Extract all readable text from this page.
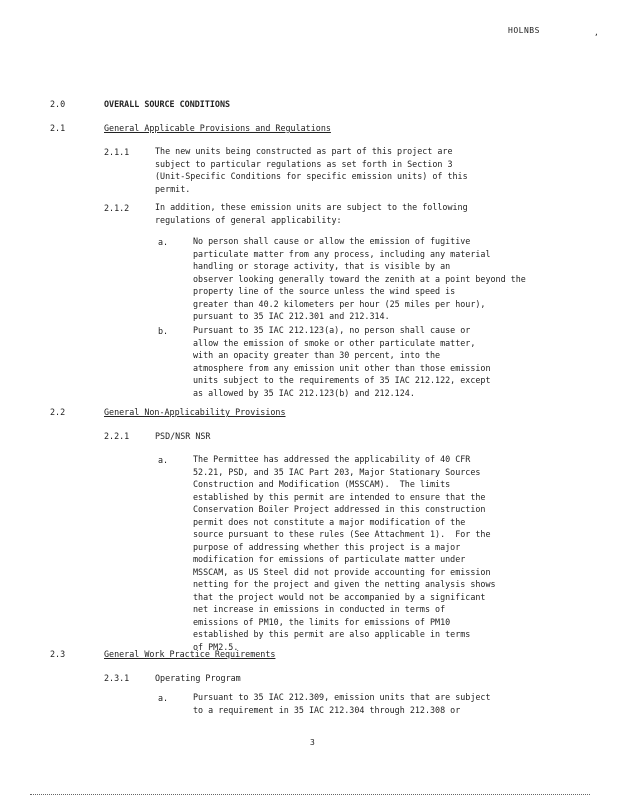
HOLNBS	,
2.0	OVERALL SOURCE CONDITIONS
2.1	General Applicable Provisions and Regulations
2.1.1	The new units being constructed as part of this project are
subject to particular regulations as set forth in Section 3
(Unit-Specific Conditions for specific emission units) of this
permit.
2.1.2	In addition, these emission units are subject to the following
regulations of general applicability:
a.	No person shall cause or allow the emission of fugitive
particulate matter from any process, including any material
handling or storage activity, that is visible by an
observer looking generally toward the zenith at a point beyond the
property line of the source unless the wind speed is
greater than 40.2 kilometers per hour (25 miles per hour),
pursuant to 35 IAC 212.301 and 212.314.
b.	Pursuant to 35 IAC 212.123(a), no person shall cause or
allow the emission of smoke or other particulate matter,
with an opacity greater than 30 percent, into the
atmosphere from any emission unit other than those emission
units subject to the requirements of 35 IAC 212.122, except
as allowed by 35 IAC 212.123(b) and 212.124.
2.2	General Non-Applicability Provisions
2.2.1	PSD/NSR NSR
a.	The Permittee has addressed the applicability of 40 CFR
52.21, PSD, and 35 IAC Part 203, Major Stationary Sources
Construction and Modification (MSSCAM).  The limits
established by this permit are intended to ensure that the
Conservation Boiler Project addressed in this construction
permit does not constitute a major modification of the
source pursuant to these rules (See Attachment 1).  For the
purpose of addressing whether this project is a major
modification for emissions of particulate matter under
MSSCAM, as US Steel did not provide accounting for emission
netting for the project and given the netting analysis shows
that the project would not be accompanied by a significant
net increase in emissions in conducted in terms of
emissions of PM10, the limits for emissions of PM10
established by this permit are also applicable in terms
of PM2.5.
2.3	General Work Practice Requirements
2.3.1	Operating Program
a.	Pursuant to 35 IAC 212.309, emission units that are subject
to a requirement in 35 IAC 212.304 through 212.308 or
3
